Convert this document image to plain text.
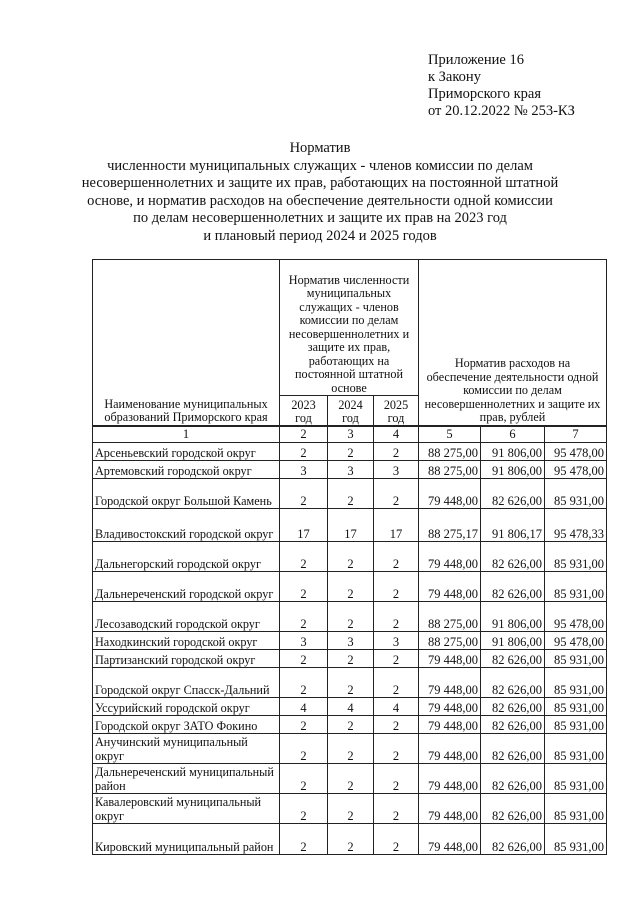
Приложение 16
к Закону
Приморского края
от 20.12.2022 № 253-КЗ
Норматив
численности муниципальных служащих - членов комиссии по делам
несовершеннолетних и защите их прав, работающих на постоянной штатной
основе, и норматив расходов на обеспечение деятельности одной комиссии
по делам несовершеннолетних и защите их прав на 2023 год
и плановый период 2024 и 2025 годов
Наименование муниципальных образований Приморского края	Норматив численности муниципальных служащих - членов комиссии по делам несовершеннолетних и защите их прав, работающих на постоянной штатной основе			Норматив расходов на обеспечение деятельности одной комиссии по делам несовершеннолетних и защите их прав, рублей		
	2023 год	2024 год	2025 год			
1	2	3	4	5	6	7
Арсеньевский городской округ	2	2	2	88 275,00	91 806,00	95 478,00
Артемовский городской округ	3	3	3	88 275,00	91 806,00	95 478,00
Городской округ Большой Камень	2	2	2	79 448,00	82 626,00	85 931,00
Владивостокский городской округ	17	17	17	88 275,17	91 806,17	95 478,33
Дальнегорский городской округ	2	2	2	79 448,00	82 626,00	85 931,00
Дальнереченский городской округ	2	2	2	79 448,00	82 626,00	85 931,00
Лесозаводский городской округ	2	2	2	88 275,00	91 806,00	95 478,00
Находкинский городской округ	3	3	3	88 275,00	91 806,00	95 478,00
Партизанский городской округ	2	2	2	79 448,00	82 626,00	85 931,00
Городской округ Спасск-Дальний	2	2	2	79 448,00	82 626,00	85 931,00
Уссурийский городской округ	4	4	4	79 448,00	82 626,00	85 931,00
Городской округ ЗАТО Фокино	2	2	2	79 448,00	82 626,00	85 931,00
Анучинский муниципальный округ	2	2	2	79 448,00	82 626,00	85 931,00
Дальнереченский муниципальный район	2	2	2	79 448,00	82 626,00	85 931,00
Кавалеровский муниципальный округ	2	2	2	79 448,00	82 626,00	85 931,00
Кировский муниципальный район	2	2	2	79 448,00	82 626,00	85 931,00
